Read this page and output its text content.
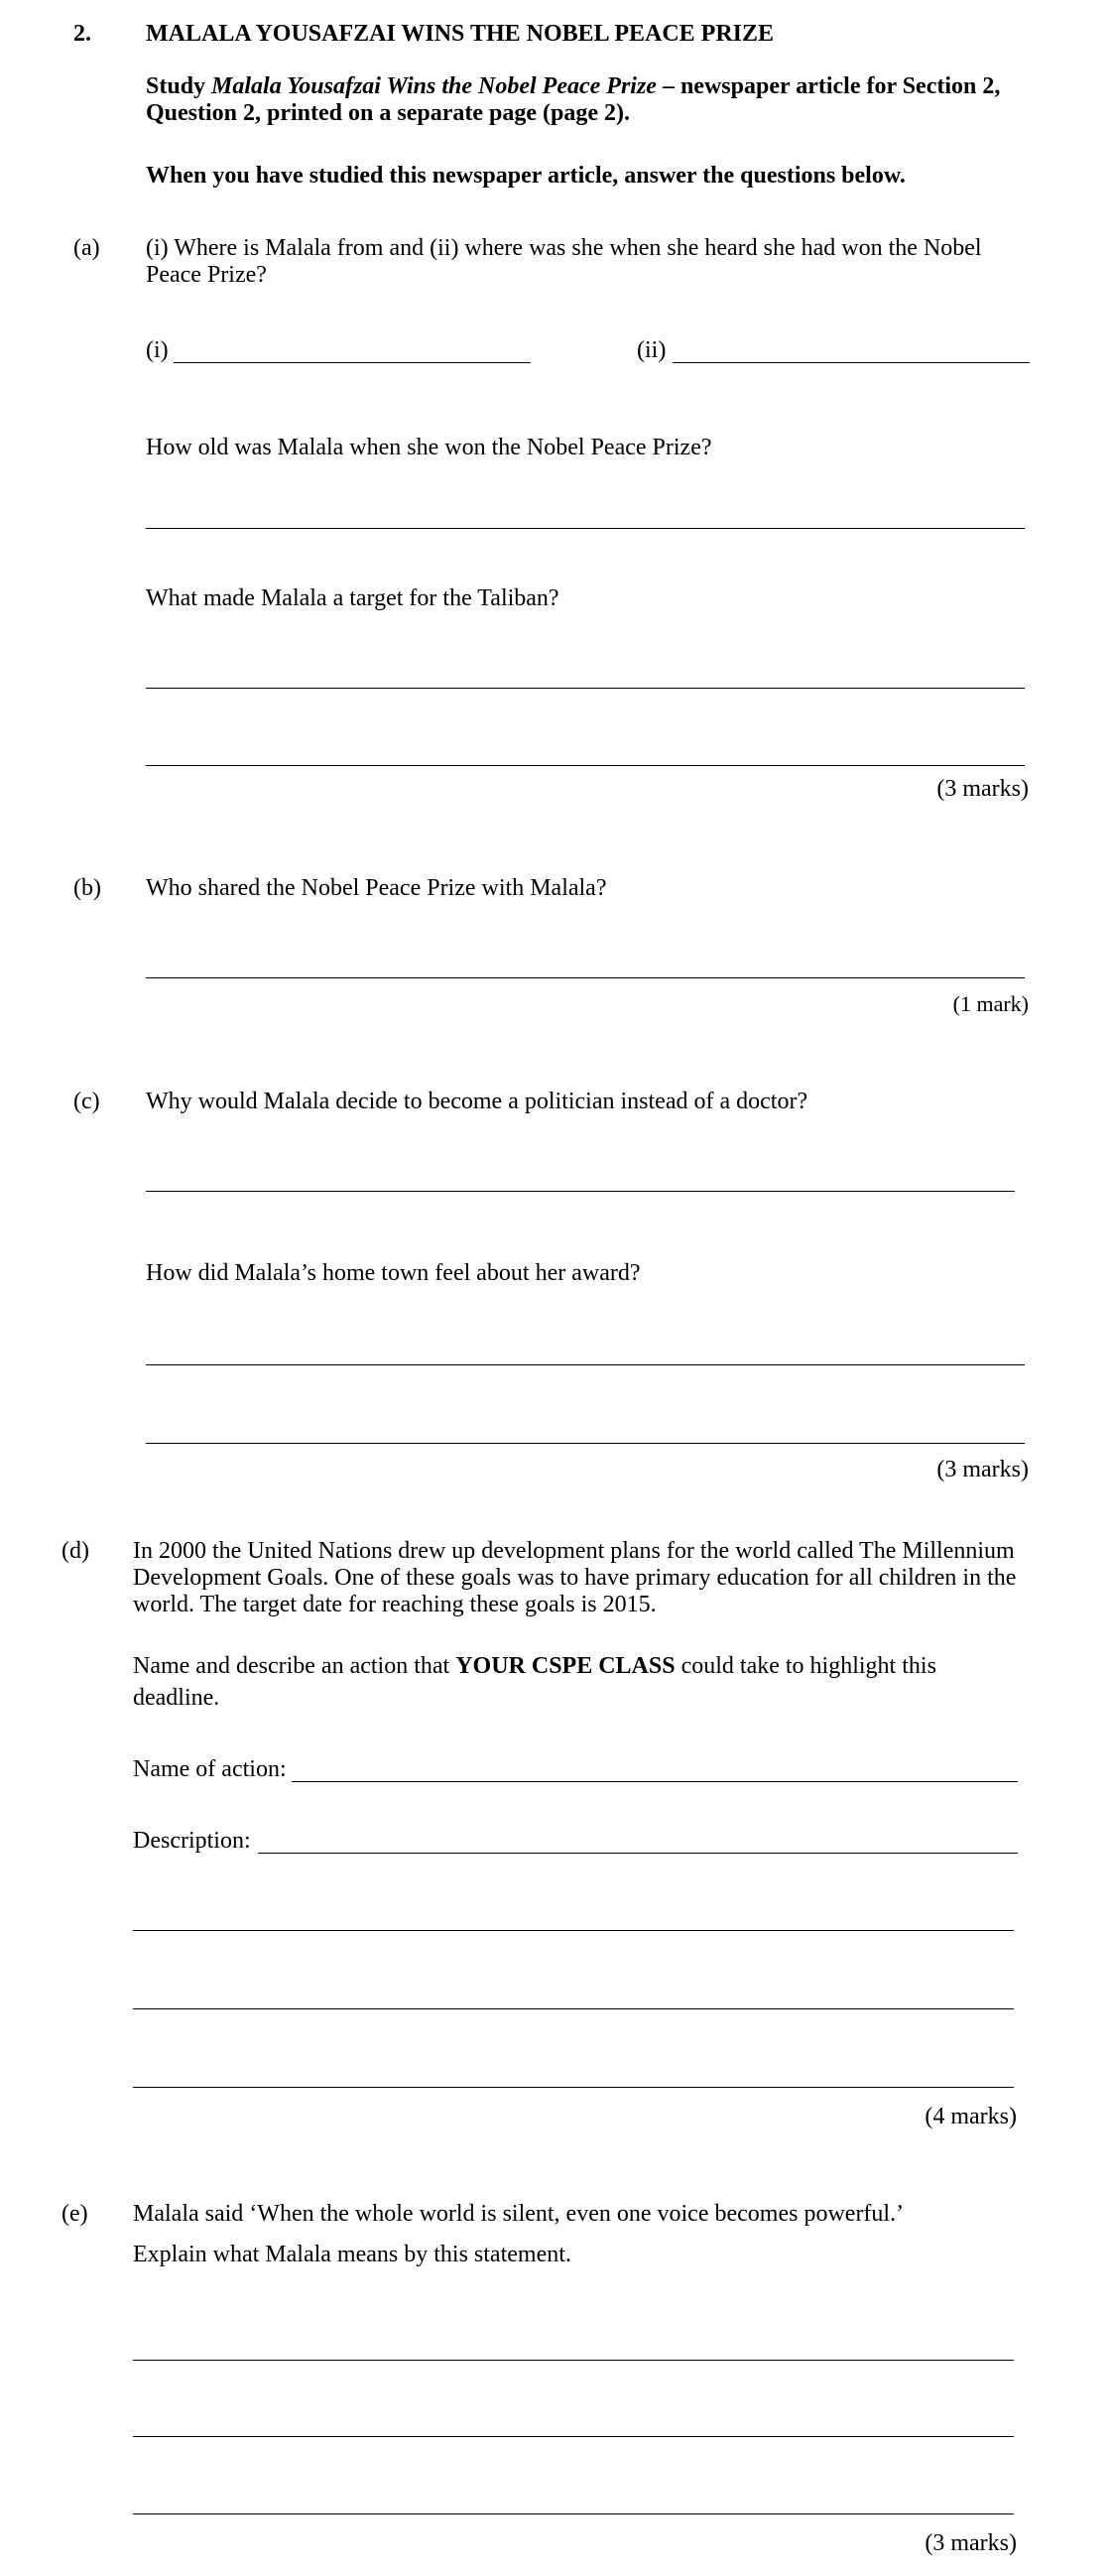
2. MALALA YOUSAFZAI WINS THE NOBEL PEACE PRIZE
Study Malala Yousafzai Wins the Nobel Peace Prize – newspaper article for Section 2,
Question 2, printed on a separate page (page 2).
When you have studied this newspaper article, answer the questions below.
(a) (i) Where is Malala from and (ii) where was she when she heard she had won the Nobel
Peace Prize?
(i)	(ii)
How old was Malala when she won the Nobel Peace Prize?
What made Malala a target for the Taliban?
(3 marks)
(b) Who shared the Nobel Peace Prize with Malala?
(1 mark)
(c) Why would Malala decide to become a politician instead of a doctor?
How did Malala’s home town feel about her award?
(3 marks)
(d) In 2000 the United Nations drew up development plans for the world called The Millennium
Development Goals. One of these goals was to have primary education for all children in the
world. The target date for reaching these goals is 2015.
Name and describe an action that YOUR CSPE CLASS could take to highlight this
deadline.
Name of action:
Description:
(4 marks)
(e) Malala said ‘When the whole world is silent, even one voice becomes powerful.’
Explain what Malala means by this statement.
(3 marks)
